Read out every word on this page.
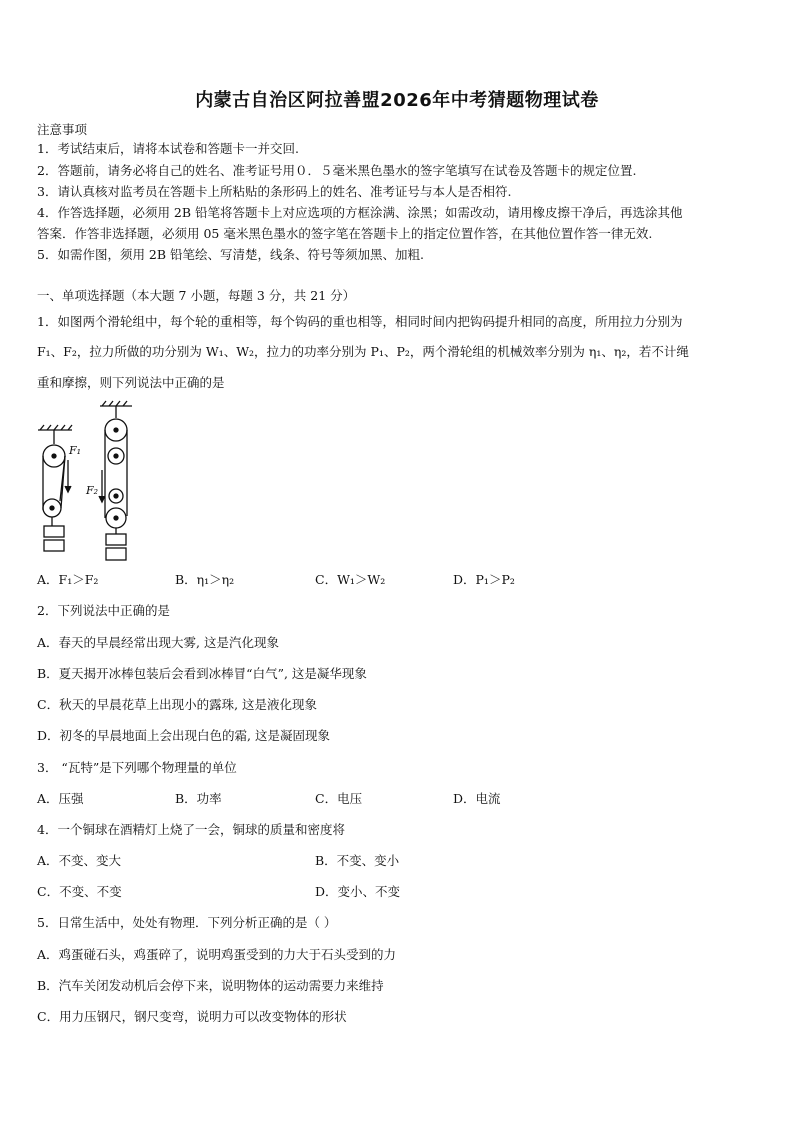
内蒙古自治区阿拉善盟2026年中考猜题物理试卷
注意事项
1．考试结束后，请将本试卷和答题卡一并交回.
2．答题前，请务必将自己的姓名、准考证号用０．５毫米黑色墨水的签字笔填写在试卷及答题卡的规定位置.
3．请认真核对监考员在答题卡上所粘贴的条形码上的姓名、准考证号与本人是否相符.
4．作答选择题，必须用 2B 铅笔将答题卡上对应选项的方框涂满、涂黑；如需改动，请用橡皮擦干净后，再选涂其他
答案．作答非选择题，必须用 05 毫米黑色墨水的签字笔在答题卡上的指定位置作答，在其他位置作答一律无效.
5．如需作图，须用 2B 铅笔绘、写清楚，线条、符号等须加黑、加粗.
一、单项选择题（本大题 7 小题，每题 3 分，共 21 分）
1．如图两个滑轮组中，每个轮的重相等，每个钩码的重也相等，相同时间内把钩码提升相同的高度，所用拉力分别为
F₁、F₂，拉力所做的功分别为 W₁、W₂，拉力的功率分别为 P₁、P₂，两个滑轮组的机械效率分别为 η₁、η₂，若不计绳
重和摩擦，则下列说法中正确的是
F₁
F₂
A．F₁＞F₂	B．η₁＞η₂	C．W₁＞W₂	D．P₁＞P₂
2．下列说法中正确的是
A．春天的早晨经常出现大雾, 这是汽化现象
B．夏天揭开冰棒包装后会看到冰棒冒“白气”, 这是凝华现象
C．秋天的早晨花草上出现小的露珠, 这是液化现象
D．初冬的早晨地面上会出现白色的霜, 这是凝固现象
3． “瓦特”是下列哪个物理量的单位
A．压强	B．功率	C．电压	D．电流
4．一个铜球在酒精灯上烧了一会，铜球的质量和密度将
A．不变、变大	B．不变、变小
C．不变、不变	D．变小、不变
5．日常生活中，处处有物理．下列分析正确的是（ ）
A．鸡蛋碰石头，鸡蛋碎了，说明鸡蛋受到的力大于石头受到的力
B．汽车关闭发动机后会停下来，说明物体的运动需要力来维持
C．用力压钢尺，钢尺变弯，说明力可以改变物体的形状
